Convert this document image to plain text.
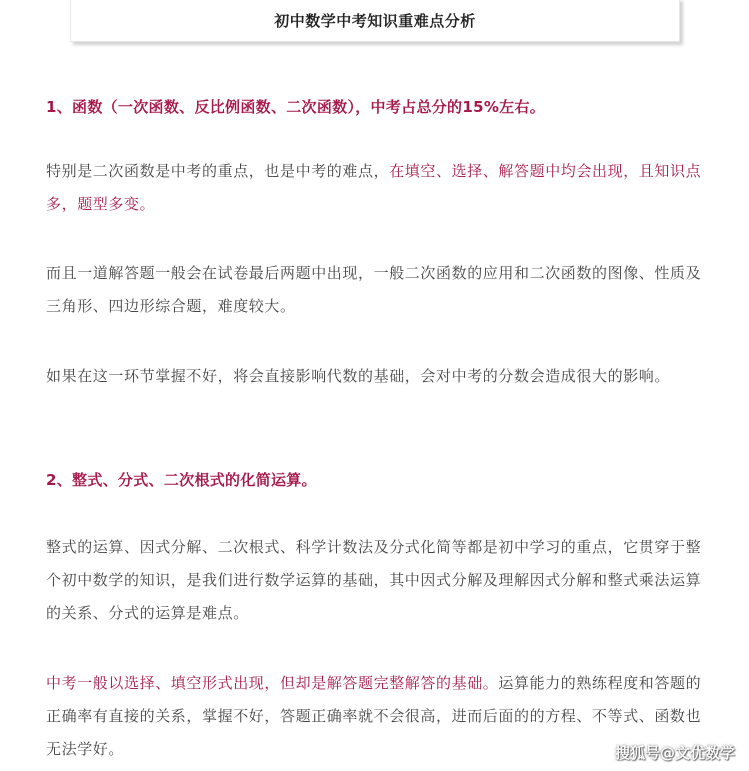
初中数学中考知识重难点分析
1、函数（一次函数、反比例函数、二次函数），中考占总分的15%左右。

特别是二次函数是中考的重点，也是中考的难点，在填空、选择、解答题中均会出现，且知识点多，题型多变。

而且一道解答题一般会在试卷最后两题中出现，一般二次函数的应用和二次函数的图像、性质及三角形、四边形综合题，难度较大。

如果在这一环节掌握不好，将会直接影响代数的基础，会对中考的分数会造成很大的影响。

2、整式、分式、二次根式的化简运算。

整式的运算、因式分解、二次根式、科学计数法及分式化简等都是初中学习的重点，它贯穿于整个初中数学的知识，是我们进行数学运算的基础，其中因式分解及理解因式分解和整式乘法运算的关系、分式的运算是难点。

中考一般以选择、填空形式出现，但却是解答题完整解答的基础。运算能力的熟练程度和答题的正确率有直接的关系，掌握不好，答题正确率就不会很高，进而后面的的方程、不等式、函数也无法学好。	搜狐号@文优数学
